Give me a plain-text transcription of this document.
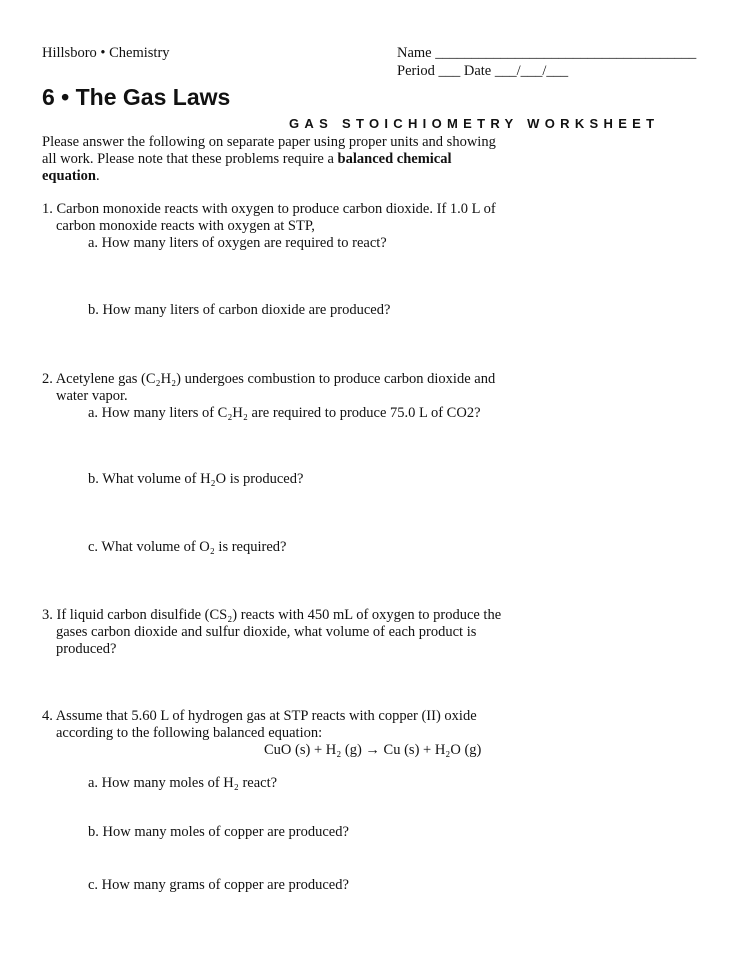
Hillsboro • Chemistry	Name ____________________________________
Period ___ Date ___/___/___
6 • The Gas Laws
GAS STOICHIOMETRY WORKSHEET
Please answer the following on separate paper using proper units and showing
all work. Please note that these problems require a balanced chemical
equation.
1. Carbon monoxide reacts with oxygen to produce carbon dioxide. If 1.0 L of
carbon monoxide reacts with oxygen at STP,
a. How many liters of oxygen are required to react?
b. How many liters of carbon dioxide are produced?
2. Acetylene gas (C₂H₂) undergoes combustion to produce carbon dioxide and
water vapor.
a. How many liters of C₂H₂ are required to produce 75.0 L of CO2?
b. What volume of H₂O is produced?
c. What volume of O₂ is required?
3. If liquid carbon disulfide (CS₂) reacts with 450 mL of oxygen to produce the
gases carbon dioxide and sulfur dioxide, what volume of each product is
produced?
4. Assume that 5.60 L of hydrogen gas at STP reacts with copper (II) oxide
according to the following balanced equation:
CuO (s) + H₂ (g) → Cu (s) + H₂O (g)
a. How many moles of H₂ react?
b. How many moles of copper are produced?
c. How many grams of copper are produced?
